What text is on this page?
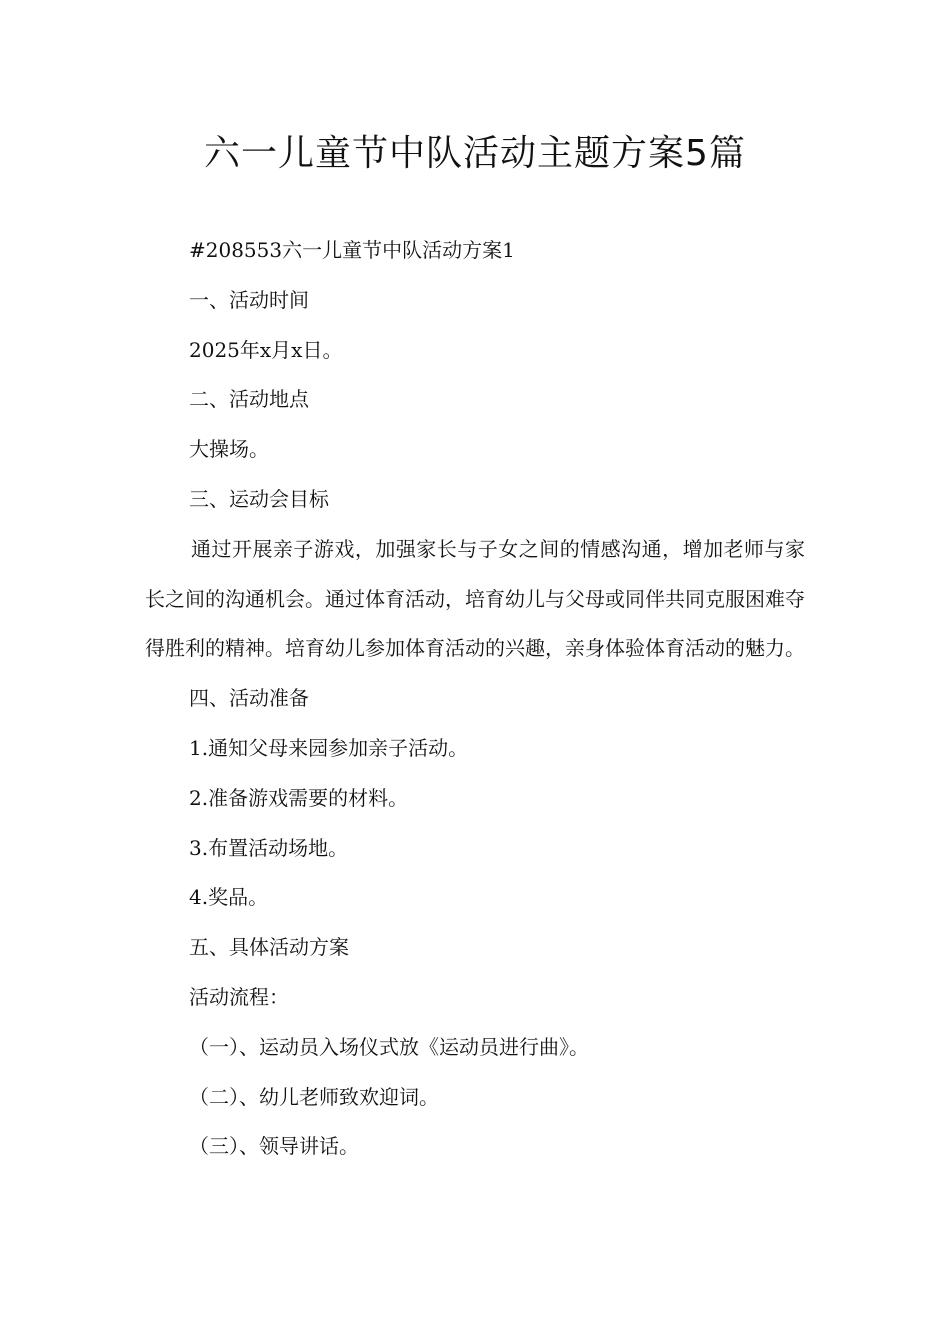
六一儿童节中队活动主题方案5篇

#208553六一儿童节中队活动方案1

一、活动时间

2025年x月x日。

二、活动地点

大操场。

三、运动会目标

通过开展亲子游戏，加强家长与子女之间的情感沟通，增加老师与家长之间的沟通机会。通过体育活动，培育幼儿与父母或同伴共同克服困难夺得胜利的精神。培育幼儿参加体育活动的兴趣，亲身体验体育活动的魅力。

四、活动准备

1.通知父母来园参加亲子活动。

2.准备游戏需要的材料。

3.布置活动场地。

4.奖品。

五、具体活动方案

活动流程：

（一）、运动员入场仪式放《运动员进行曲》。

（二）、幼儿老师致欢迎词。

（三）、领导讲话。
